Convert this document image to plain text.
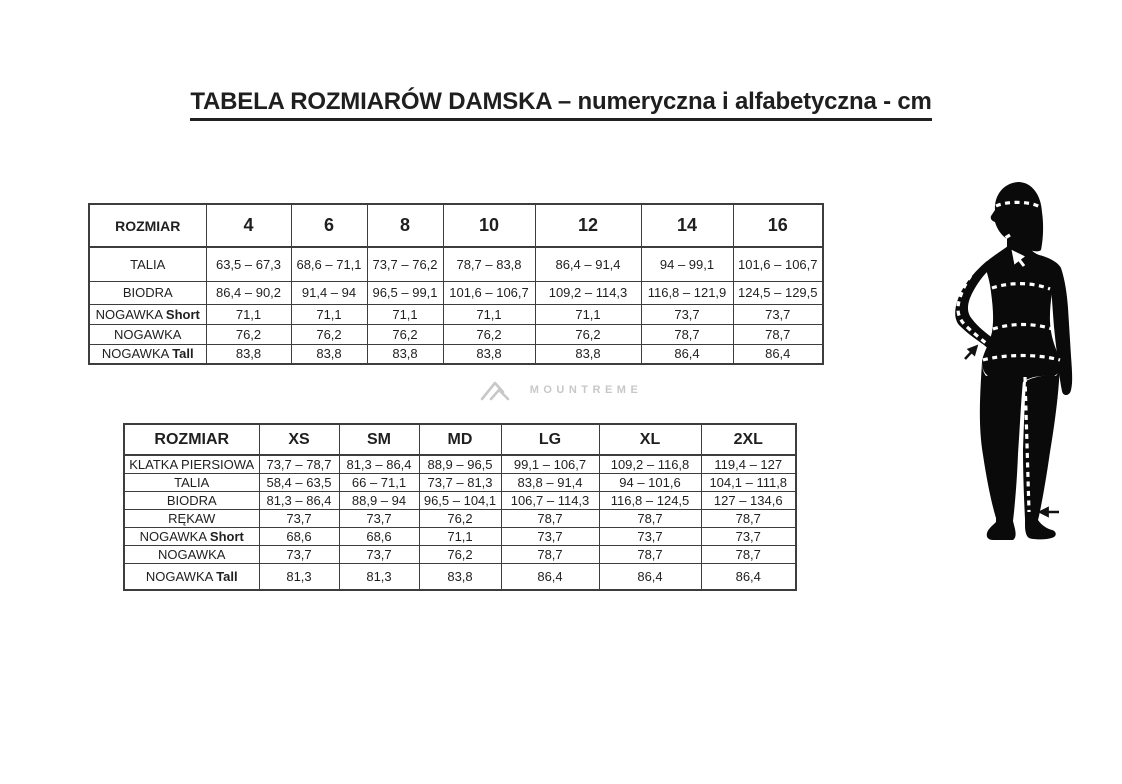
TABELA ROZMIARÓW DAMSKA – numeryczna i alfabetyczna - cm
ROZMIAR	4	6	8	10	12	14	16
TALIA	63,5 – 67,3	68,6 – 71,1	73,7 – 76,2	78,7 – 83,8	86,4 – 91,4	94 – 99,1	101,6 – 106,7
BIODRA	86,4 – 90,2	91,4 – 94	96,5 – 99,1	101,6 – 106,7	109,2 – 114,3	116,8 – 121,9	124,5 – 129,5
NOGAWKA Short	71,1	71,1	71,1	71,1	71,1	73,7	73,7
NOGAWKA	76,2	76,2	76,2	76,2	76,2	78,7	78,7
NOGAWKA Tall	83,8	83,8	83,8	83,8	83,8	86,4	86,4
MOUNTREME
ROZMIAR	XS	SM	MD	LG	XL	2XL
KLATKA PIERSIOWA	73,7 – 78,7	81,3 – 86,4	88,9 – 96,5	99,1 – 106,7	109,2 – 116,8	119,4 – 127
TALIA	58,4 – 63,5	66 – 71,1	73,7 – 81,3	83,8 – 91,4	94 – 101,6	104,1 – 111,8
BIODRA	81,3 – 86,4	88,9 – 94	96,5 – 104,1	106,7 – 114,3	116,8 – 124,5	127 – 134,6
RĘKAW	73,7	73,7	76,2	78,7	78,7	78,7
NOGAWKA Short	68,6	68,6	71,1	73,7	73,7	73,7
NOGAWKA	73,7	73,7	76,2	78,7	78,7	78,7
NOGAWKA Tall	81,3	81,3	83,8	86,4	86,4	86,4
